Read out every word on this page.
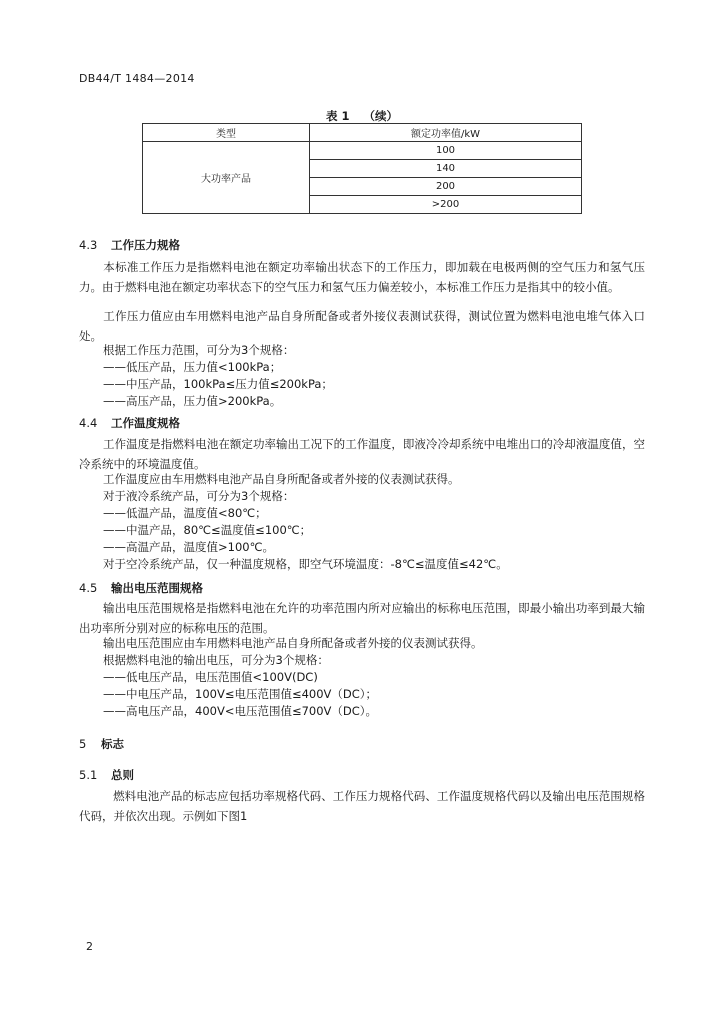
DB44/T 1484—2014
表 1 （续）
类型	额定功率值/kW
大功率产品	100
	140
	200
	>200
4.3 工作压力规格

本标准工作压力是指燃料电池在额定功率输出状态下的工作压力，即加载在电极两侧的空气压力和氢气压力。由于燃料电池在额定功率状态下的空气压力和氢气压力偏差较小，本标准工作压力是指其中的较小值。

工作压力值应由车用燃料电池产品自身所配备或者外接仪表测试获得，测试位置为燃料电池电堆气体入口处。

根据工作压力范围，可分为3个规格：

——低压产品，压力值<100kPa；

——中压产品，100kPa≤压力值≤200kPa；

——高压产品，压力值>200kPa。

4.4 工作温度规格

工作温度是指燃料电池在额定功率输出工况下的工作温度，即液冷冷却系统中电堆出口的冷却液温度值，空冷系统中的环境温度值。

工作温度应由车用燃料电池产品自身所配备或者外接的仪表测试获得。

对于液冷系统产品，可分为3个规格：

——低温产品，温度值<80℃；

——中温产品，80℃≤温度值≤100℃；

——高温产品，温度值>100℃。

对于空冷系统产品，仅一种温度规格，即空气环境温度：-8℃≤温度值≤42℃。

4.5 输出电压范围规格

输出电压范围规格是指燃料电池在允许的功率范围内所对应输出的标称电压范围，即最小输出功率到最大输出功率所分别对应的标称电压的范围。

输出电压范围应由车用燃料电池产品自身所配备或者外接的仪表测试获得。

根据燃料电池的输出电压，可分为3个规格：

——低电压产品，电压范围值<100V(DC)

——中电压产品，100V≤电压范围值≤400V（DC）；

——高电压产品，400V<电压范围值≤700V（DC）。

5 标志
5.1 总则

燃料电池产品的标志应包括功率规格代码、工作压力规格代码、工作温度规格代码以及输出电压范围规格代码，并依次出现。示例如下图1

2
